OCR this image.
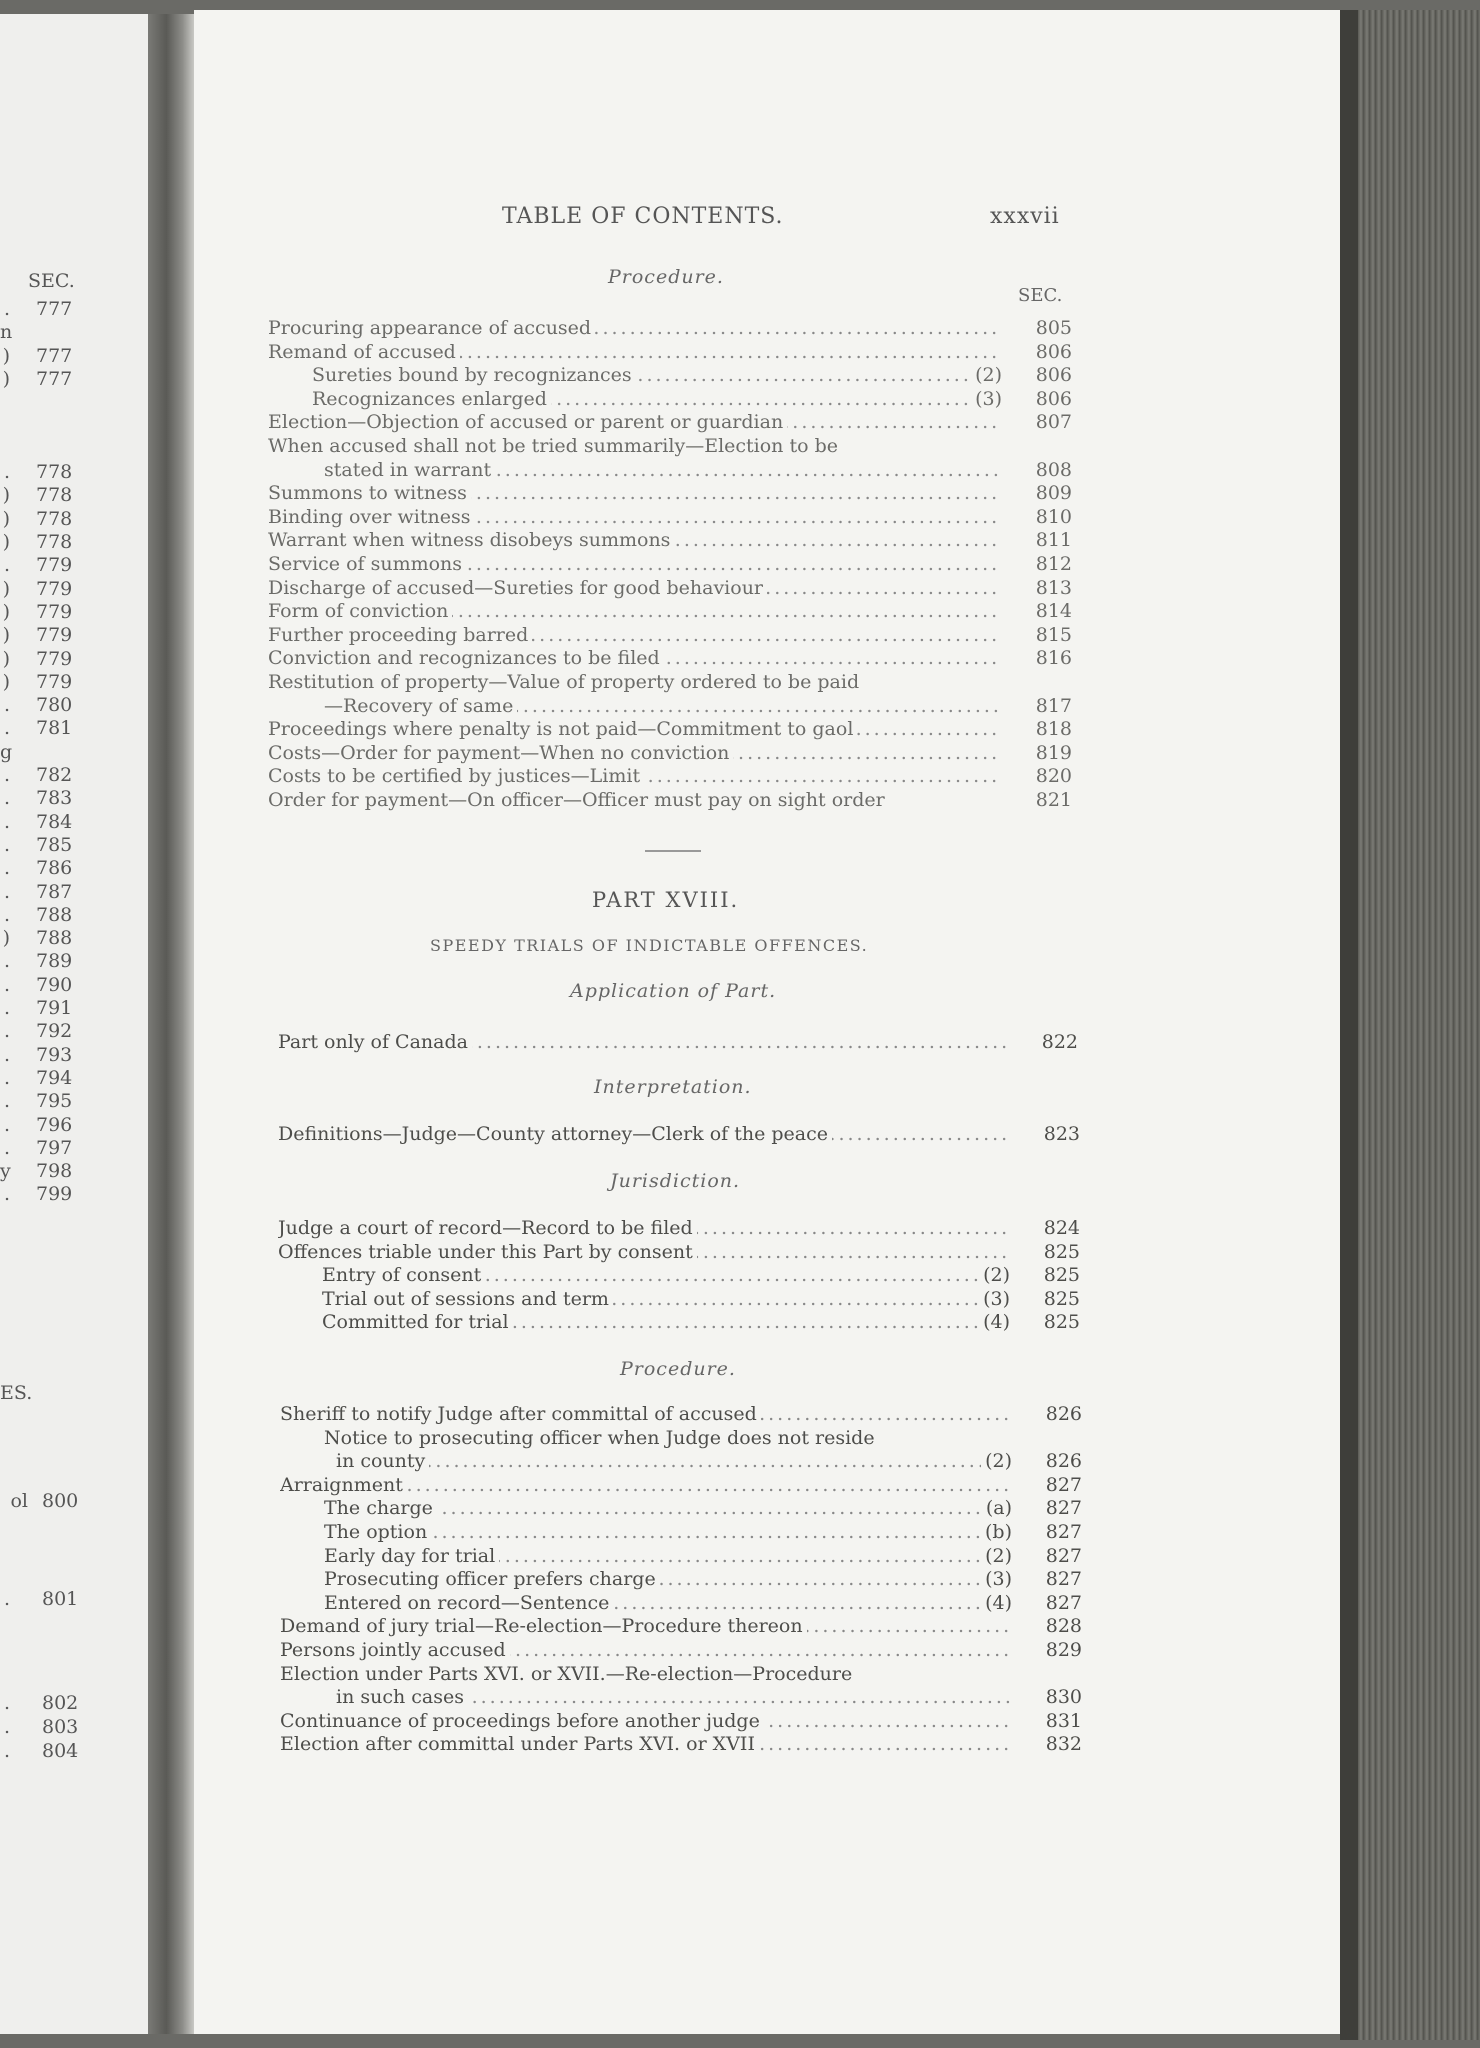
SEC.
. 777
n
) 777
) 777
. 778
) 778
) 778
) 778
. 779
) 779
) 779
) 779
) 779
) 779
. 780
. 781
g
. 782
. 783
. 784
. 785
. 786
. 787
. 788
) 788
. 789
. 790
. 791
. 792
. 793
. 794
. 795
. 796
. 797
y 798
. 799
ES.
ol 800
. 801
. 802
. 803
. 804
TABLE OF CONTENTS.	xxxvii
Procedure.
SEC.
Procuring appearance of accused .....	805
Remand of accused .....	806
Sureties bound by recognizances .....	(2)	806
Recognizances enlarged .....	(3)	806
Election—Objection of accused or parent or guardian .....	807
When accused shall not be tried summarily—Election to be
stated in warrant .....	808
Summons to witness .....	809
Binding over witness .....	810
Warrant when witness disobeys summons .....	811
Service of summons .....	812
Discharge of accused—Sureties for good behaviour .....	813
Form of conviction .....	814
Further proceeding barred .....	815
Conviction and recognizances to be filed .....	816
Restitution of property—Value of property ordered to be paid
—Recovery of same .....	817
Proceedings where penalty is not paid—Commitment to gaol .....	818
Costs—Order for payment—When no conviction .....	819
Costs to be certified by justices—Limit .....	820
Order for payment—On officer—Officer must pay on sight order	821
PART XVIII.
SPEEDY TRIALS OF INDICTABLE OFFENCES.
Application of Part.
Part only of Canada .....	822
Interpretation.
Definitions—Judge—County attorney—Clerk of the peace .....	823
Jurisdiction.
Judge a court of record—Record to be filed .....	824
Offences triable under this Part by consent .....	825
Entry of consent .....	(2)	825
Trial out of sessions and term .....	(3)	825
Committed for trial .....	(4)	825
Procedure.
Sheriff to notify Judge after committal of accused .....	826
Notice to prosecuting officer when Judge does not reside
in county .....	(2)	826
Arraignment .....	827
The charge .....	(a)	827
The option .....	(b)	827
Early day for trial .....	(2)	827
Prosecuting officer prefers charge .....	(3)	827
Entered on record—Sentence .....	(4)	827
Demand of jury trial—Re-election—Procedure thereon .....	828
Persons jointly accused .....	829
Election under Parts XVI. or XVII.—Re-election—Procedure
in such cases .....	830
Continuance of proceedings before another judge .....	831
Election after committal under Parts XVI. or XVII .....	832
